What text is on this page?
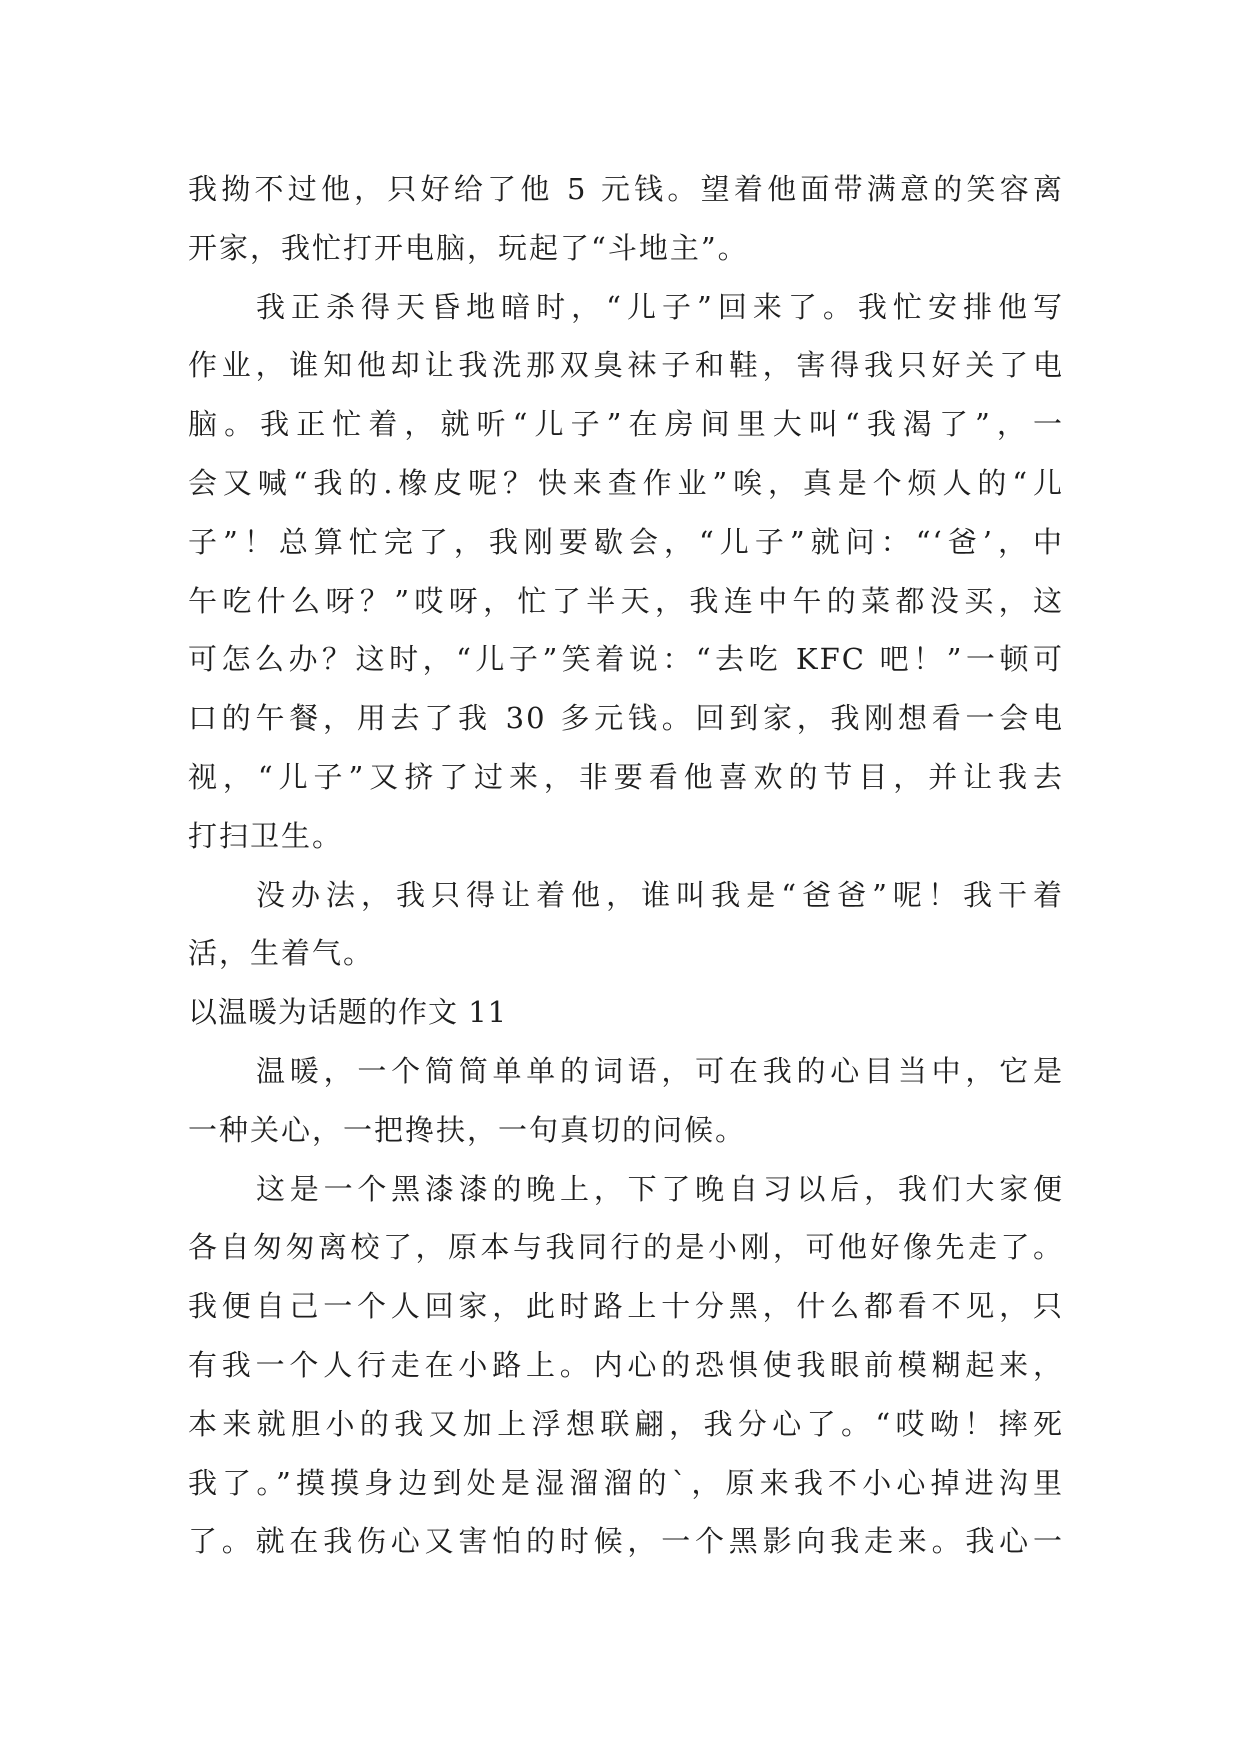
我拗不过他，只好给了他 5 元钱。望着他面带满意的笑容离
开家，我忙打开电脑，玩起了“斗地主”。
我正杀得天昏地暗时，“儿子”回来了。我忙安排他写
作业，谁知他却让我洗那双臭袜子和鞋，害得我只好关了电
脑。我正忙着，就听“儿子”在房间里大叫“我渴了”，一
会又喊“我的.橡皮呢？快来查作业”唉，真是个烦人的“儿
子”！总算忙完了，我刚要歇会，“儿子”就问：“‘爸’，中
午吃什么呀？”哎呀，忙了半天，我连中午的菜都没买，这
可怎么办？这时，“儿子”笑着说：“去吃 KFC 吧！”一顿可
口的午餐，用去了我 30 多元钱。回到家，我刚想看一会电
视，“儿子”又挤了过来，非要看他喜欢的节目，并让我去
打扫卫生。
没办法，我只得让着他，谁叫我是“爸爸”呢！我干着
活，生着气。
以温暖为话题的作文 11
温暖，一个简简单单的词语，可在我的心目当中，它是
一种关心，一把搀扶，一句真切的问候。
这是一个黑漆漆的晚上，下了晚自习以后，我们大家便
各自匆匆离校了，原本与我同行的是小刚，可他好像先走了。
我便自己一个人回家，此时路上十分黑，什么都看不见，只
有我一个人行走在小路上。内心的恐惧使我眼前模糊起来，
本来就胆小的我又加上浮想联翩，我分心了。“哎呦！摔死
我了。”摸摸身边到处是湿溜溜的`，原来我不小心掉进沟里
了。就在我伤心又害怕的时候，一个黑影向我走来。我心一
